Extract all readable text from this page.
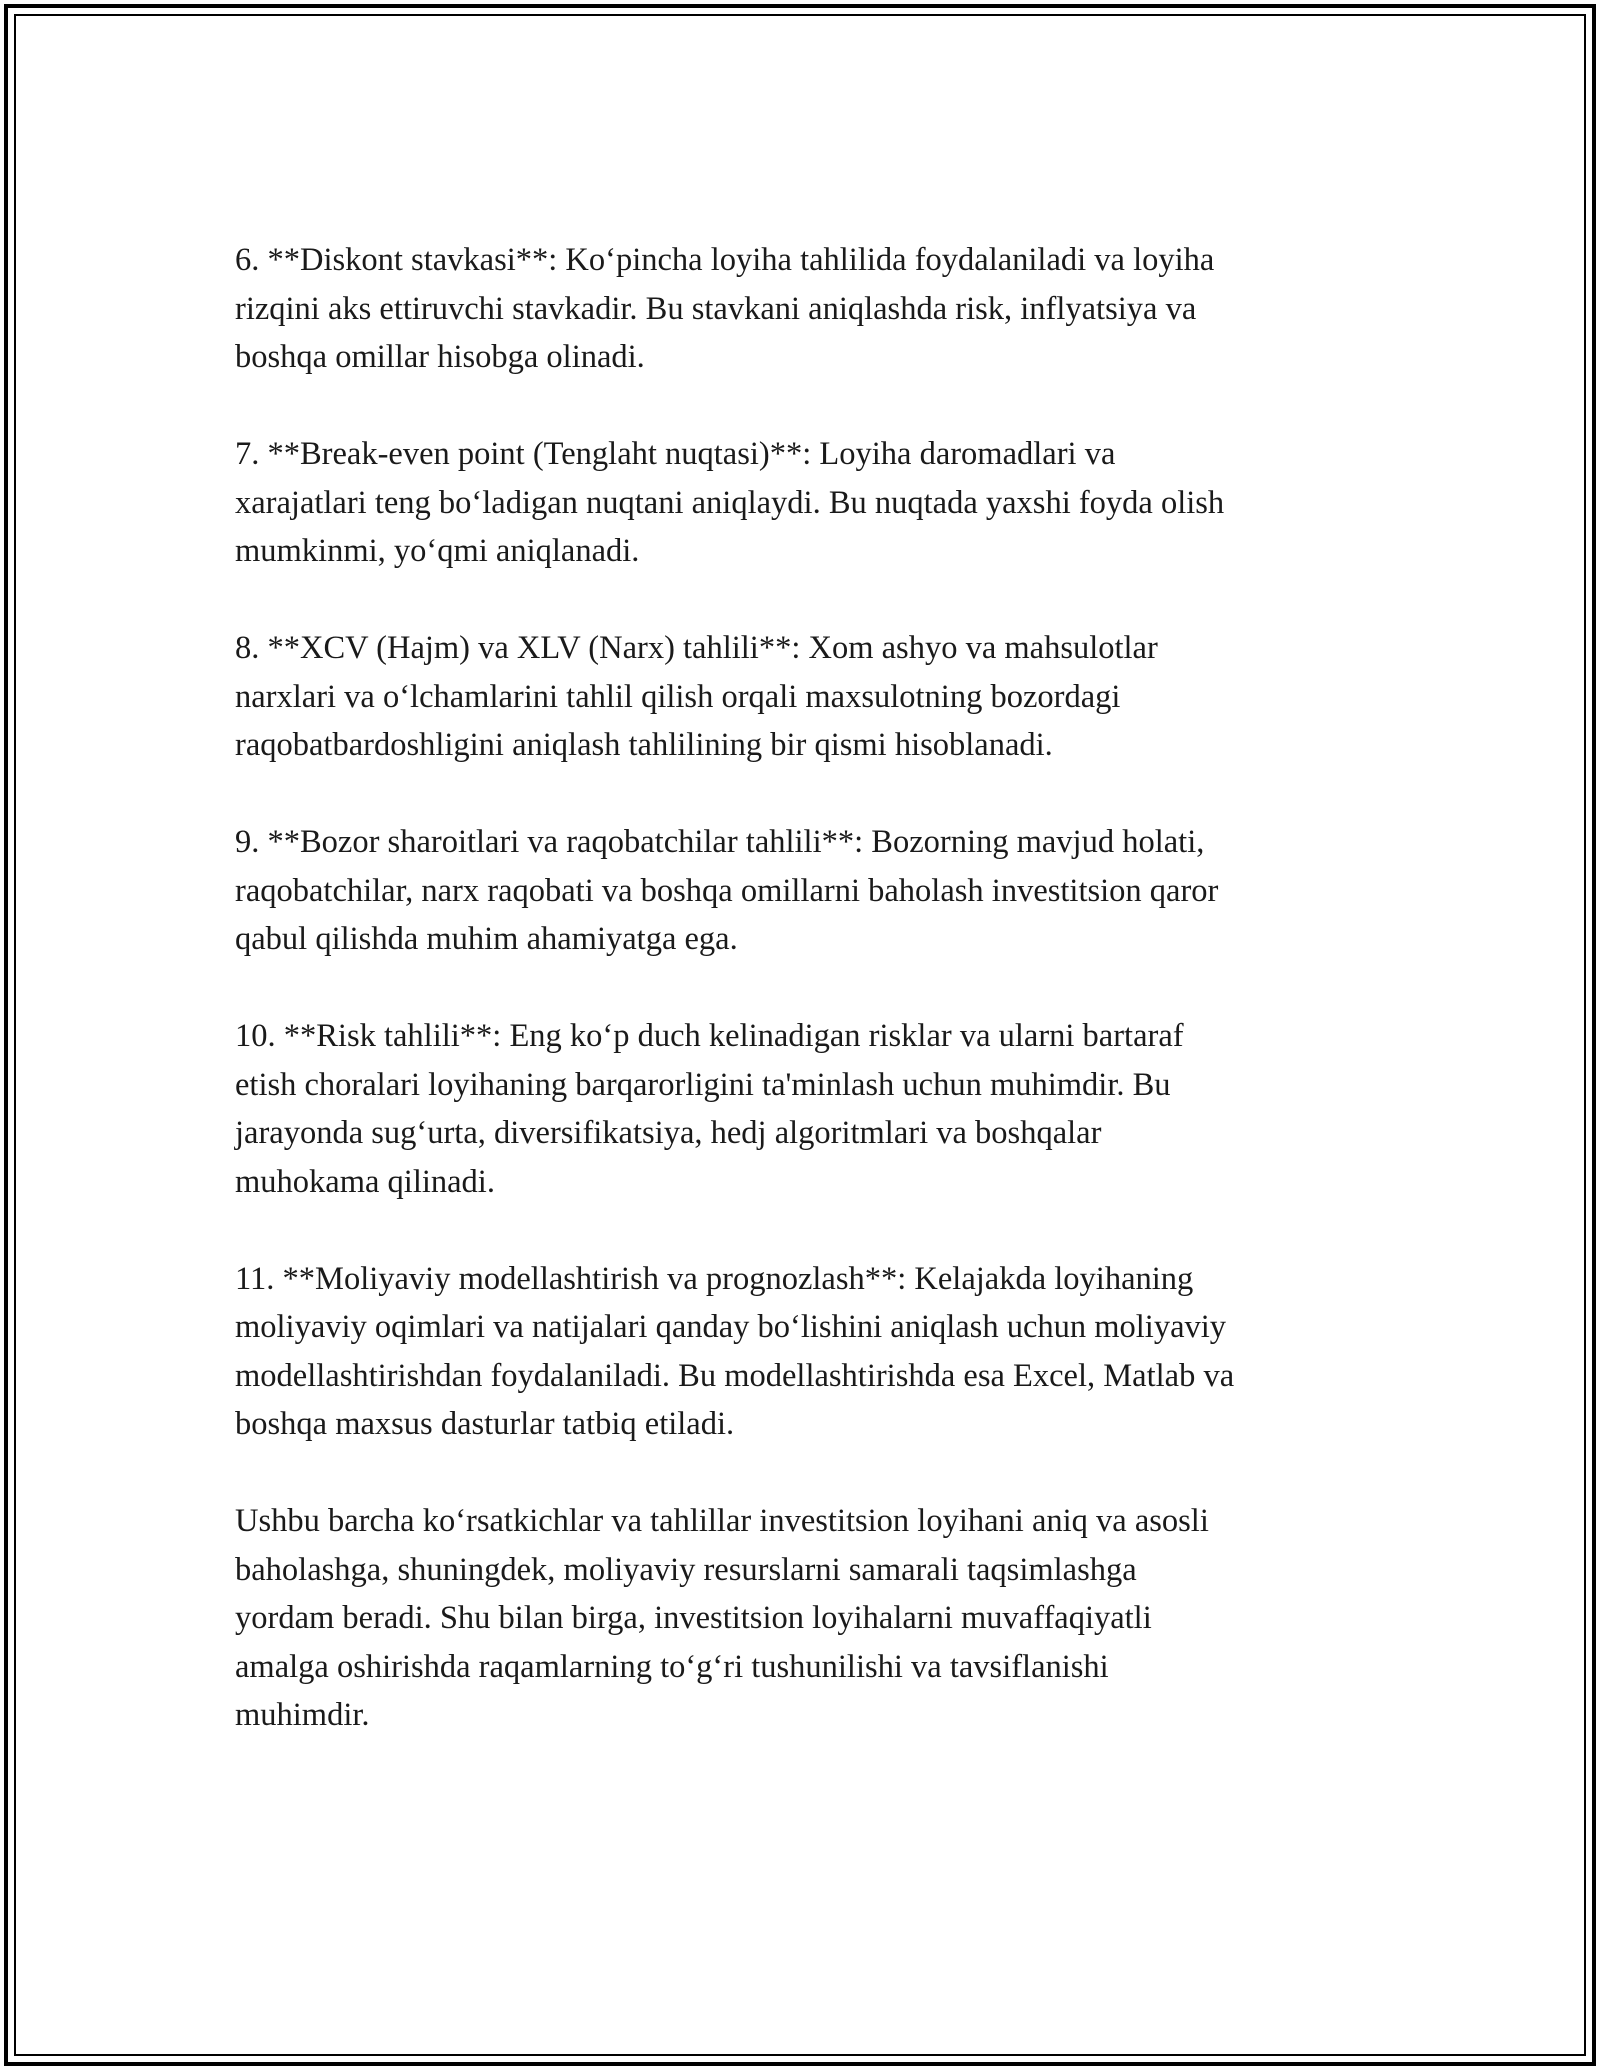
6. **Diskont stavkasi**: Ko‘pincha loyiha tahlilida foydalaniladi va loyiha
rizqini aks ettiruvchi stavkadir. Bu stavkani aniqlashda risk, inflyatsiya va
boshqa omillar hisobga olinadi.

7. **Break-even point (Tenglaht nuqtasi)**: Loyiha daromadlari va
xarajatlari teng bo‘ladigan nuqtani aniqlaydi. Bu nuqtada yaxshi foyda olish
mumkinmi, yo‘qmi aniqlanadi.

8. **XCV (Hajm) va XLV (Narx) tahlili**: Xom ashyo va mahsulotlar
narxlari va o‘lchamlarini tahlil qilish orqali maxsulotning bozordagi
raqobatbardoshligini aniqlash tahlilining bir qismi hisoblanadi.

9. **Bozor sharoitlari va raqobatchilar tahlili**: Bozorning mavjud holati,
raqobatchilar, narx raqobati va boshqa omillarni baholash investitsion qaror
qabul qilishda muhim ahamiyatga ega.

10. **Risk tahlili**: Eng ko‘p duch kelinadigan risklar va ularni bartaraf
etish choralari loyihaning barqarorligini ta'minlash uchun muhimdir. Bu
jarayonda sug‘urta, diversifikatsiya, hedj algoritmlari va boshqalar
muhokama qilinadi.

11. **Moliyaviy modellashtirish va prognozlash**: Kelajakda loyihaning
moliyaviy oqimlari va natijalari qanday bo‘lishini aniqlash uchun moliyaviy
modellashtirishdan foydalaniladi. Bu modellashtirishda esa Excel, Matlab va
boshqa maxsus dasturlar tatbiq etiladi.

Ushbu barcha ko‘rsatkichlar va tahlillar investitsion loyihani aniq va asosli
baholashga, shuningdek, moliyaviy resurslarni samarali taqsimlashga
yordam beradi. Shu bilan birga, investitsion loyihalarni muvaffaqiyatli
amalga oshirishda raqamlarning to‘g‘ri tushunilishi va tavsiflanishi
muhimdir.
